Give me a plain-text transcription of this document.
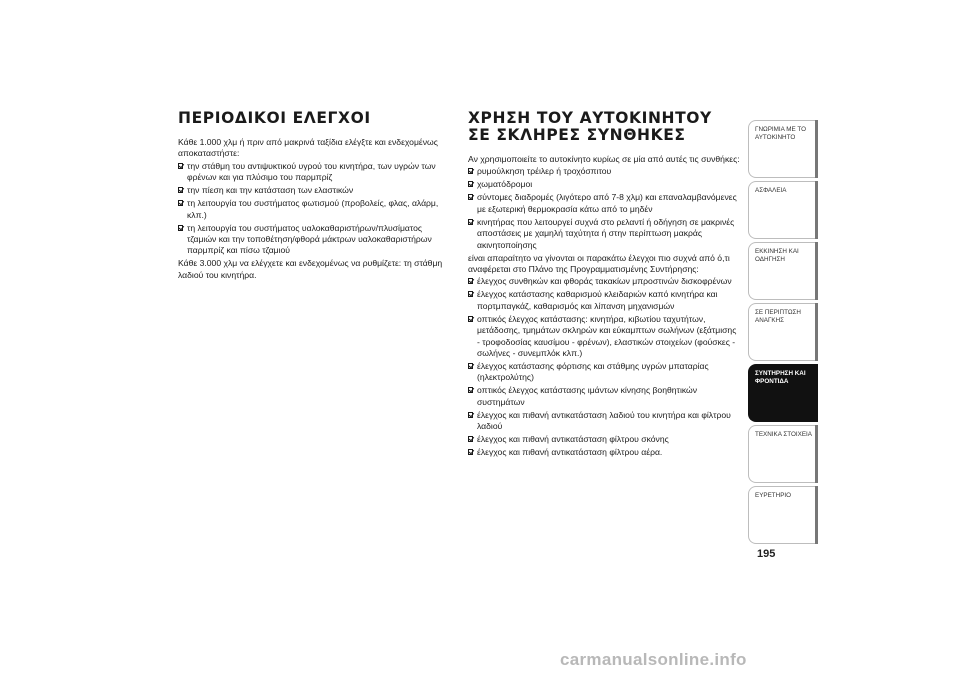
ΠΕΡΙΟΔΙΚΟΙ ΕΛΕΓΧΟΙ

Κάθε 1.000 χλμ ή πριν από μακρινά ταξίδια ελέγξτε και ενδεχομένως αποκαταστήστε:

την στάθμη του αντιψυκτικού υγρού του κινητήρα, των υγρών των φρένων και για πλύσιμο του παρμπρίζ
την πίεση και την κατάσταση των ελαστικών
τη λειτουργία του συστήματος φωτισμού (προβολείς, φλας, αλάρμ, κλπ.)
τη λειτουργία του συστήματος υαλοκαθαριστήρων/πλυσίματος τζαμιών και την τοποθέτηση/φθορά μάκτρων υαλοκαθαριστήρων παρμπρίζ και πίσω τζαμιού

Κάθε 3.000 χλμ να ελέγχετε και ενδεχομένως να ρυθμίζετε: τη στάθμη λαδιού του κινητήρα.

ΧΡΗΣΗ ΤΟΥ ΑΥΤΟΚΙΝΗΤΟΥ ΣΕ ΣΚΛΗΡΕΣ ΣΥΝΘΗΚΕΣ

Αν χρησιμοποιείτε το αυτοκίνητο κυρίως σε μία από αυτές τις συνθήκες:

ρυμούλκηση τρέιλερ ή τροχόσπιτου
χωματόδρομοι
σύντομες διαδρομές (λιγότερο από 7-8 χλμ) και επαναλαμβανόμενες με εξωτερική θερμοκρασία κάτω από το μηδέν
κινητήρας που λειτουργεί συχνά στο ρελαντί ή οδήγηση σε μακρινές αποστάσεις με χαμηλή ταχύτητα ή στην περίπτωση μακράς ακινητοποίησης

είναι απαραίτητο να γίνονται οι παρακάτω έλεγχοι πιο συχνά από ό,τι αναφέρεται στο Πλάνο της Προγραμματισμένης Συντήρησης:

έλεγχος συνθηκών και φθοράς τακακίων μπροστινών δισκοφρένων
έλεγχος κατάστασης καθαρισμού κλειδαριών καπό κινητήρα και πορτμπαγκάζ, καθαρισμός και λίπανση μηχανισμών
οπτικός έλεγχος κατάστασης: κινητήρα, κιβωτίου ταχυτήτων, μετάδοσης, τμημάτων σκληρών και εύκαμπτων σωλήνων (εξάτμισης - τροφοδοσίας καυσίμου - φρένων), ελαστικών στοιχείων (φούσκες - σωλήνες - συνεμπλόκ κλπ.)
έλεγχος κατάστασης φόρτισης και στάθμης υγρών μπαταρίας (ηλεκτρολύτης)
οπτικός έλεγχος κατάστασης ιμάντων κίνησης βοηθητικών συστημάτων
έλεγχος και πιθανή αντικατάσταση λαδιού του κινητήρα και φίλτρου λαδιού
έλεγχος και πιθανή αντικατάσταση φίλτρου σκόνης
έλεγχος και πιθανή αντικατάσταση φίλτρου αέρα.
ΓΝΩΡΙΜΙΑ ΜΕ ΤΟ ΑΥΤΟΚΙΝΗΤΟ
ΑΣΦΑΛΕΙΑ
ΕΚΚΙΝΗΣΗ ΚΑΙ ΟΔΗΓΗΣΗ
ΣΕ ΠΕΡΙΠΤΩΣΗ ΑΝΑΓΚΗΣ
ΣΥΝΤΗΡΗΣΗ ΚΑΙ ΦΡΟΝΤΙΔΑ
ΤΕΧΝΙΚΑ ΣΤΟΙΧΕΙΑ
ΕΥΡΕΤΗΡΙΟ
195
carmanualsonline.info
